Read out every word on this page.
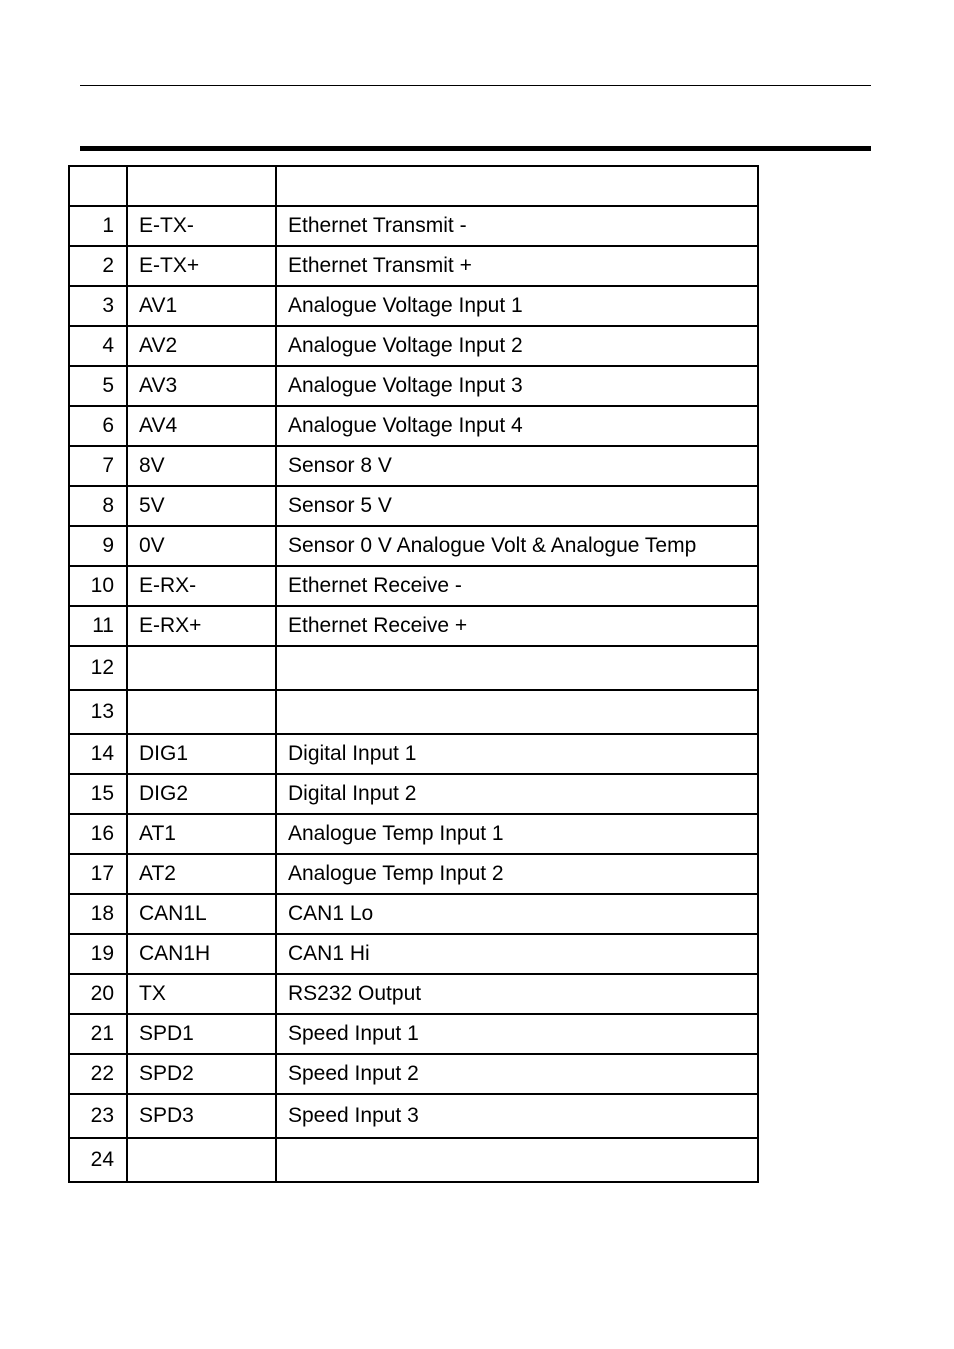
1	E-TX-	Ethernet Transmit -
2	E-TX+	Ethernet Transmit +
3	AV1	Analogue Voltage Input 1
4	AV2	Analogue Voltage Input 2
5	AV3	Analogue Voltage Input 3
6	AV4	Analogue Voltage Input 4
7	8V	Sensor 8 V
8	5V	Sensor 5 V
9	0V	Sensor 0 V Analogue Volt & Analogue Temp
10	E-RX-	Ethernet Receive -
11	E-RX+	Ethernet Receive +
12		
13		
14	DIG1	Digital Input 1
15	DIG2	Digital Input 2
16	AT1	Analogue Temp Input 1
17	AT2	Analogue Temp Input 2
18	CAN1L	CAN1 Lo
19	CAN1H	CAN1 Hi
20	TX	RS232 Output
21	SPD1	Speed Input 1
22	SPD2	Speed Input 2
23	SPD3	Speed Input 3
24		
